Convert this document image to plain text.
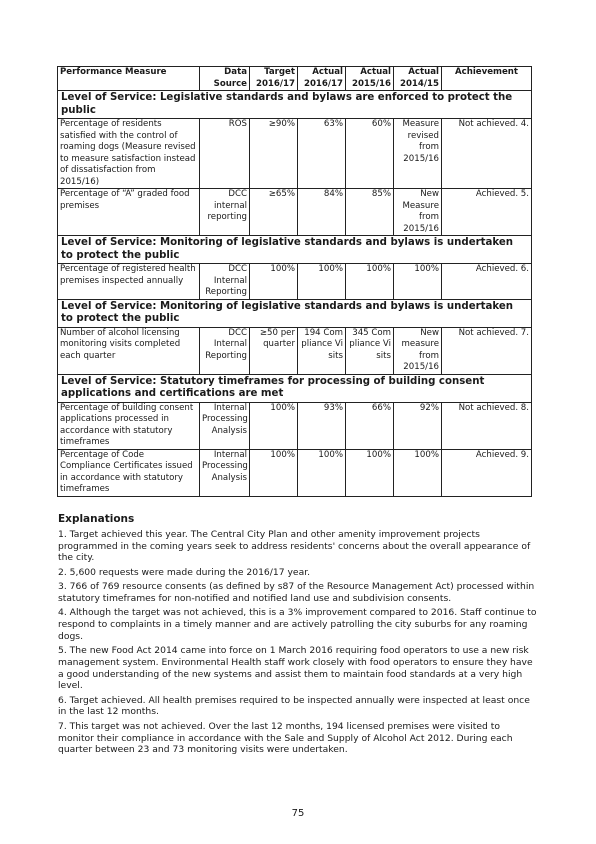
Performance Measure	Data Source	Target 2016/17	Actual 2016/17	Actual 2015/16	Actual 2014/15	Achievement
Level of Service: Legislative standards and bylaws are enforced to protect the public						
Percentage of residents satisfied with the control of roaming dogs (Measure revised to measure satisfaction instead of dissatisfaction from 2015/16)	ROS	≥90%	63%	60%	Measure revised from 2015/16	Not achieved. 4.
Percentage of “A” graded food premises	DCC internal reporting	≥65%	84%	85%	New Measure from 2015/16	Achieved. 5.
Level of Service: Monitoring of legislative standards and bylaws is undertaken to protect the public						
Percentage of registered health premises inspected annually	DCC Internal Reporting	100%	100%	100%	100%	Achieved. 6.
Level of Service: Monitoring of legislative standards and bylaws is undertaken to protect the public						
Number of alcohol licensing monitoring visits completed each quarter	DCC Internal Reporting	≥50 per quarter	194 Compliance Visits	345 Compliance Visits	New measure from 2015/16	Not achieved. 7.
Level of Service: Statutory timeframes for processing of building consent applications and certifications are met						
Percentage of building consent applications processed in accordance with statutory timeframes	Internal Processing Analysis	100%	93%	66%	92%	Not achieved. 8.
Percentage of Code Compliance Certificates issued in accordance with statutory timeframes	Internal Processing Analysis	100%	100%	100%	100%	Achieved. 9.
Explanations

1. Target achieved this year. The Central City Plan and other amenity improvement projects programmed in the coming years seek to address residents' concerns about the overall appearance of the city.

2. 5,600 requests were made during the 2016/17 year.

3. 766 of 769 resource consents (as defined by s87 of the Resource Management Act) processed within statutory timeframes for non-notified and notified land use and subdivision consents.

4. Although the target was not achieved, this is a 3% improvement compared to 2016. Staff continue to respond to complaints in a timely manner and are actively patrolling the city suburbs for any roaming dogs.

5. The new Food Act 2014 came into force on 1 March 2016 requiring food operators to use a new risk management system. Environmental Health staff work closely with food operators to ensure they have a good understanding of the new systems and assist them to maintain food standards at a very high level.

6. Target achieved. All health premises required to be inspected annually were inspected at least once in the last 12 months.

7. This target was not achieved. Over the last 12 months, 194 licensed premises were visited to monitor their compliance in accordance with the Sale and Supply of Alcohol Act 2012. During each quarter between 23 and 73 monitoring visits were undertaken.

75
